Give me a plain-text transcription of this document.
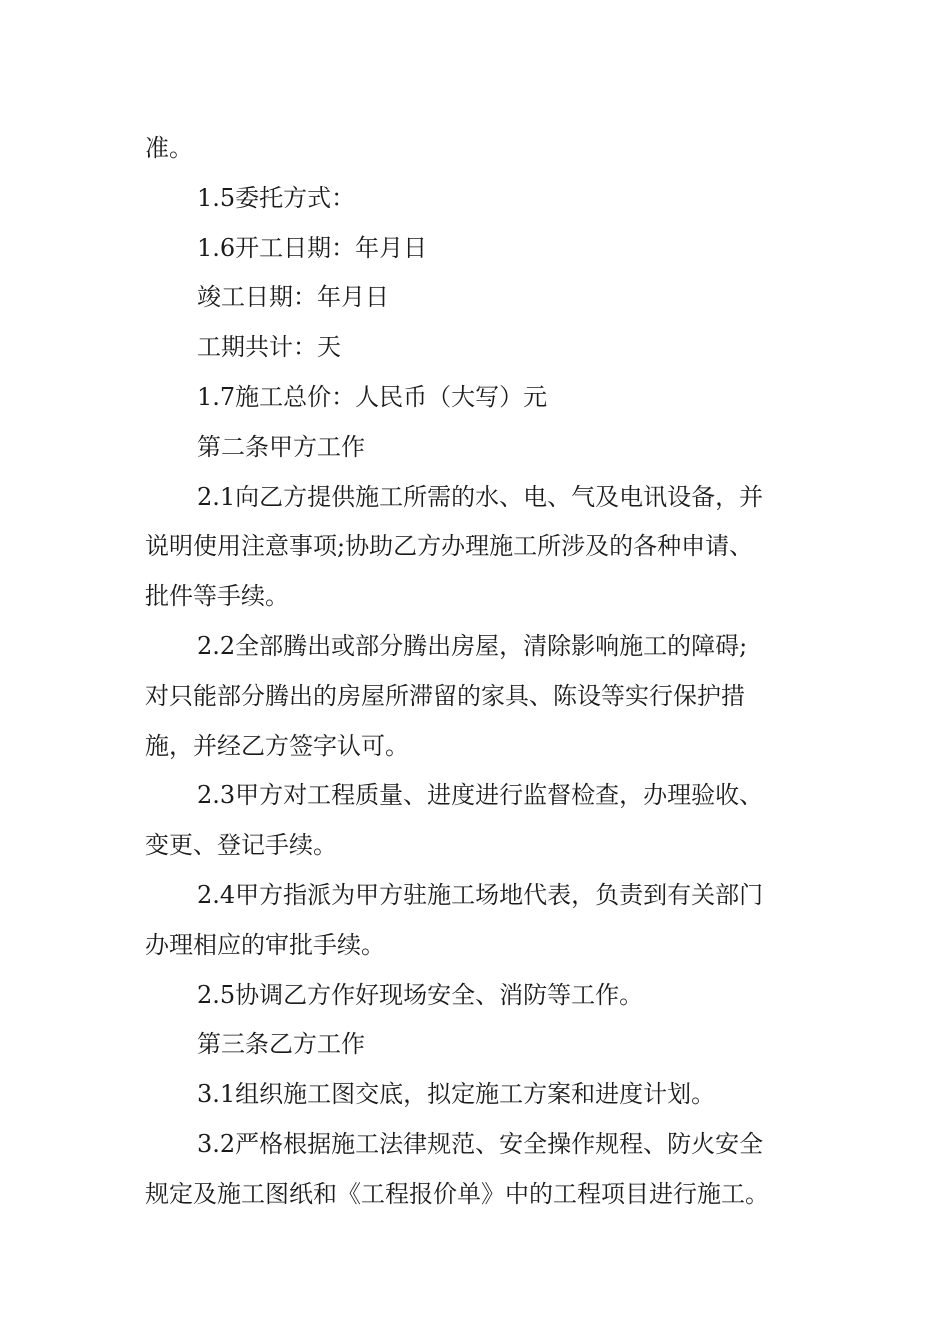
准。
1.5委托方式：
1.6开工日期：年月日
竣工日期：年月日
工期共计：天
1.7施工总价：人民币（大写）元
第二条甲方工作
2.1向乙方提供施工所需的水、电、气及电讯设备，并
说明使用注意事项;协助乙方办理施工所涉及的各种申请、
批件等手续。
2.2全部腾出或部分腾出房屋，清除影响施工的障碍;
对只能部分腾出的房屋所滞留的家具、陈设等实行保护措
施，并经乙方签字认可。
2.3甲方对工程质量、进度进行监督检查，办理验收、
变更、登记手续。
2.4甲方指派为甲方驻施工场地代表，负责到有关部门
办理相应的审批手续。
2.5协调乙方作好现场安全、消防等工作。
第三条乙方工作
3.1组织施工图交底，拟定施工方案和进度计划。
3.2严格根据施工法律规范、安全操作规程、防火安全
规定及施工图纸和《工程报价单》中的工程项目进行施工。
